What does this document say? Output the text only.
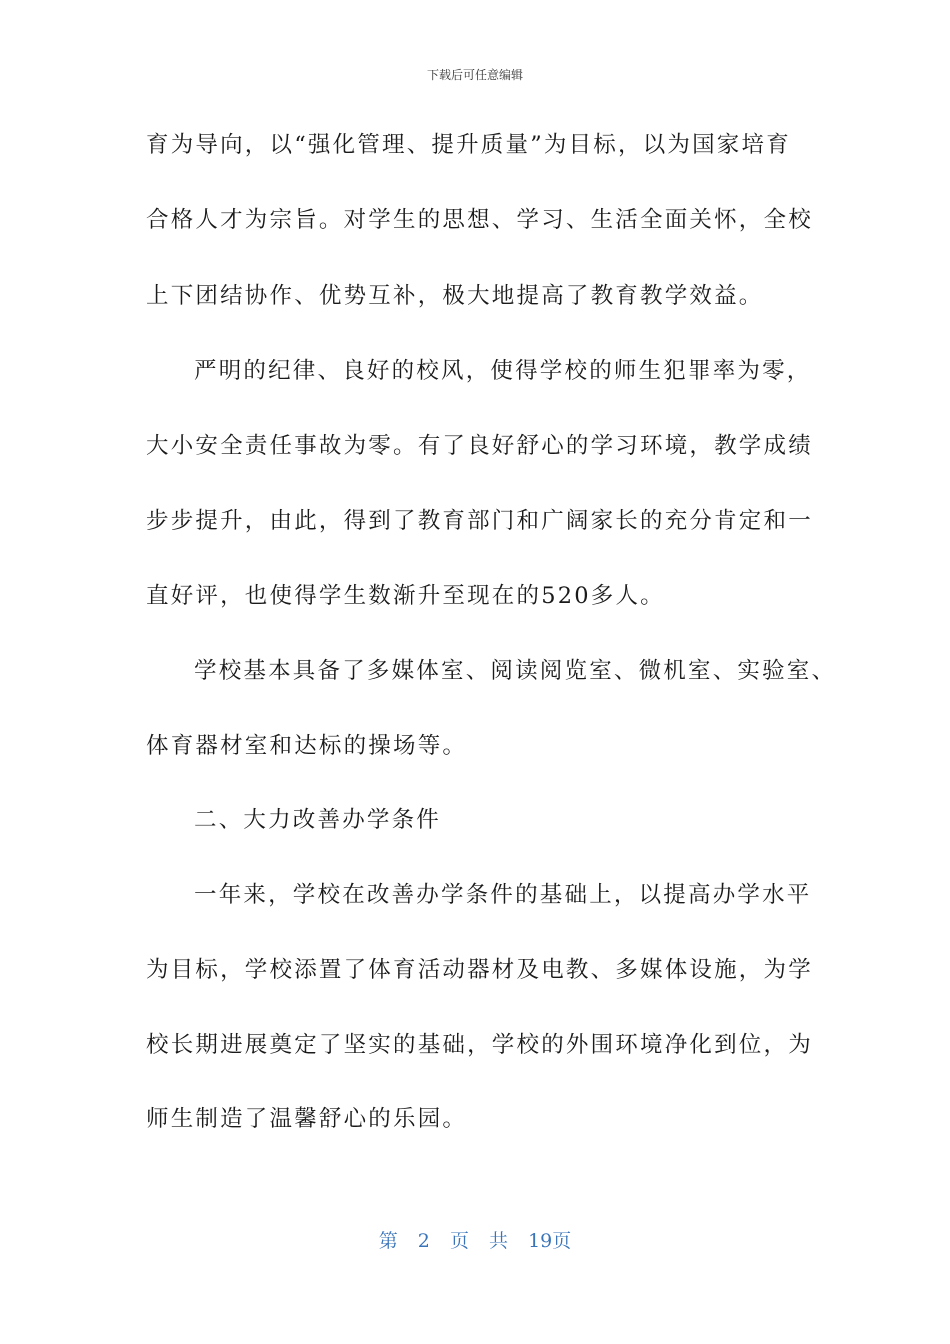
下载后可任意编辑
育为导向，以“强化管理、提升质量”为目标，以为国家培育
合格人才为宗旨。对学生的思想、学习、生活全面关怀，全校
上下团结协作、优势互补，极大地提高了教育教学效益。
严明的纪律、良好的校风，使得学校的师生犯罪率为零，
大小安全责任事故为零。有了良好舒心的学习环境，教学成绩
步步提升，由此，得到了教育部门和广阔家长的充分肯定和一
直好评，也使得学生数渐升至现在的520多人。
学校基本具备了多媒体室、阅读阅览室、微机室、实验室、
体育器材室和达标的操场等。
二、大力改善办学条件
一年来，学校在改善办学条件的基础上，以提高办学水平
为目标，学校添置了体育活动器材及电教、多媒体设施，为学
校长期进展奠定了坚实的基础，学校的外围环境净化到位，为
师生制造了温馨舒心的乐园。
第 2 页 共 19页
